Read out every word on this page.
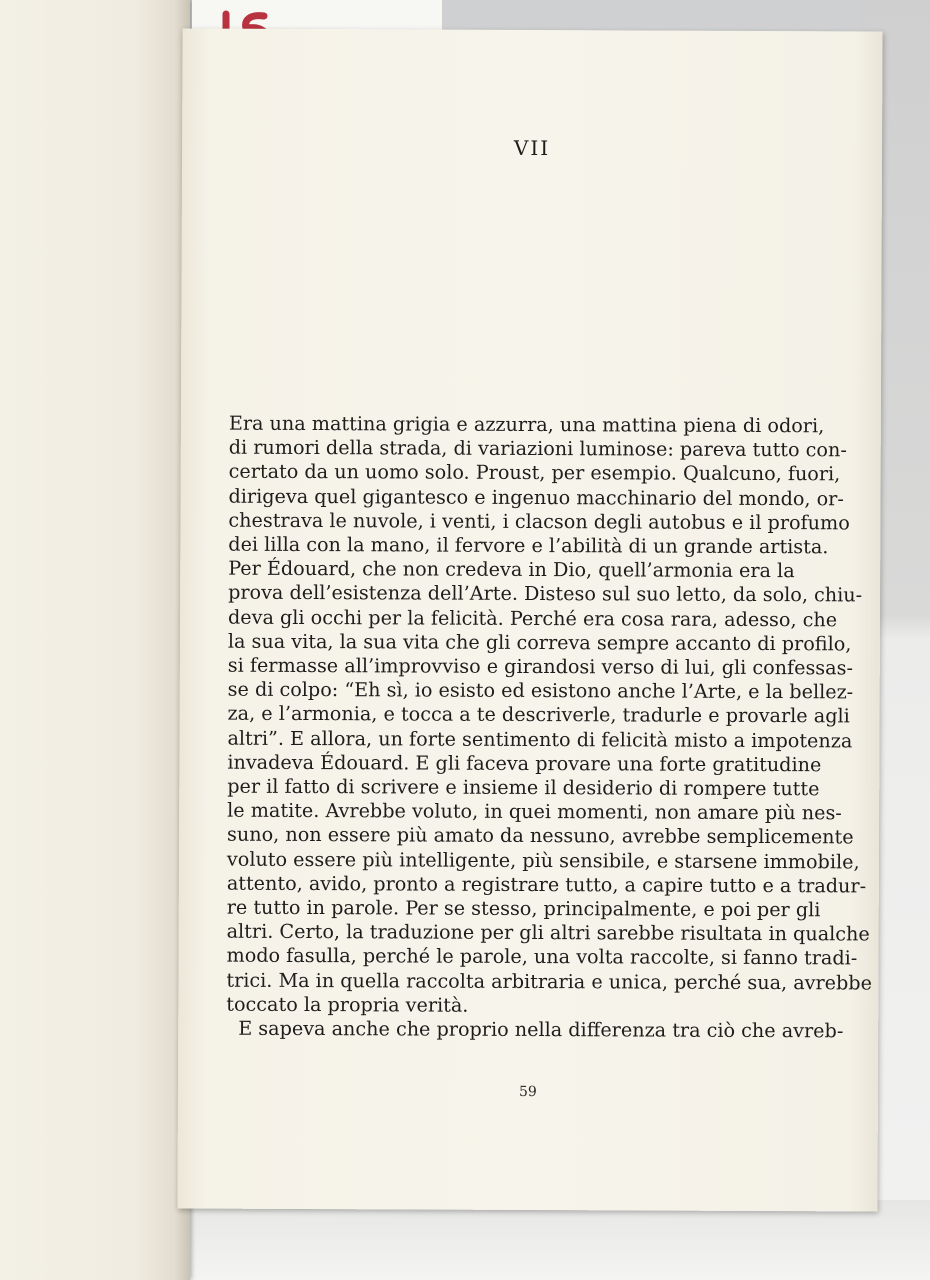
VII
Era una mattina grigia e azzurra, una mattina piena di odori,
di rumori della strada, di variazioni luminose: pareva tutto con-
certato da un uomo solo. Proust, per esempio. Qualcuno, fuori,
dirigeva quel gigantesco e ingenuo macchinario del mondo, or-
chestrava le nuvole, i venti, i clacson degli autobus e il profumo
dei lilla con la mano, il fervore e l’abilità di un grande artista.
Per Édouard, che non credeva in Dio, quell’armonia era la
prova dell’esistenza dell’Arte. Disteso sul suo letto, da solo, chiu-
deva gli occhi per la felicità. Perché era cosa rara, adesso, che
la sua vita, la sua vita che gli correva sempre accanto di profilo,
si fermasse all’improvviso e girandosi verso di lui, gli confessas-
se di colpo: “Eh sì, io esisto ed esistono anche l’Arte, e la bellez-
za, e l’armonia, e tocca a te descriverle, tradurle e provarle agli
altri”. E allora, un forte sentimento di felicità misto a impotenza
invadeva Édouard. E gli faceva provare una forte gratitudine
per il fatto di scrivere e insieme il desiderio di rompere tutte
le matite. Avrebbe voluto, in quei momenti, non amare più nes-
suno, non essere più amato da nessuno, avrebbe semplicemente
voluto essere più intelligente, più sensibile, e starsene immobile,
attento, avido, pronto a registrare tutto, a capire tutto e a tradur-
re tutto in parole. Per se stesso, principalmente, e poi per gli
altri. Certo, la traduzione per gli altri sarebbe risultata in qualche
modo fasulla, perché le parole, una volta raccolte, si fanno tradi-
trici. Ma in quella raccolta arbitraria e unica, perché sua, avrebbe
toccato la propria verità.
E sapeva anche che proprio nella differenza tra ciò che avreb-
59
